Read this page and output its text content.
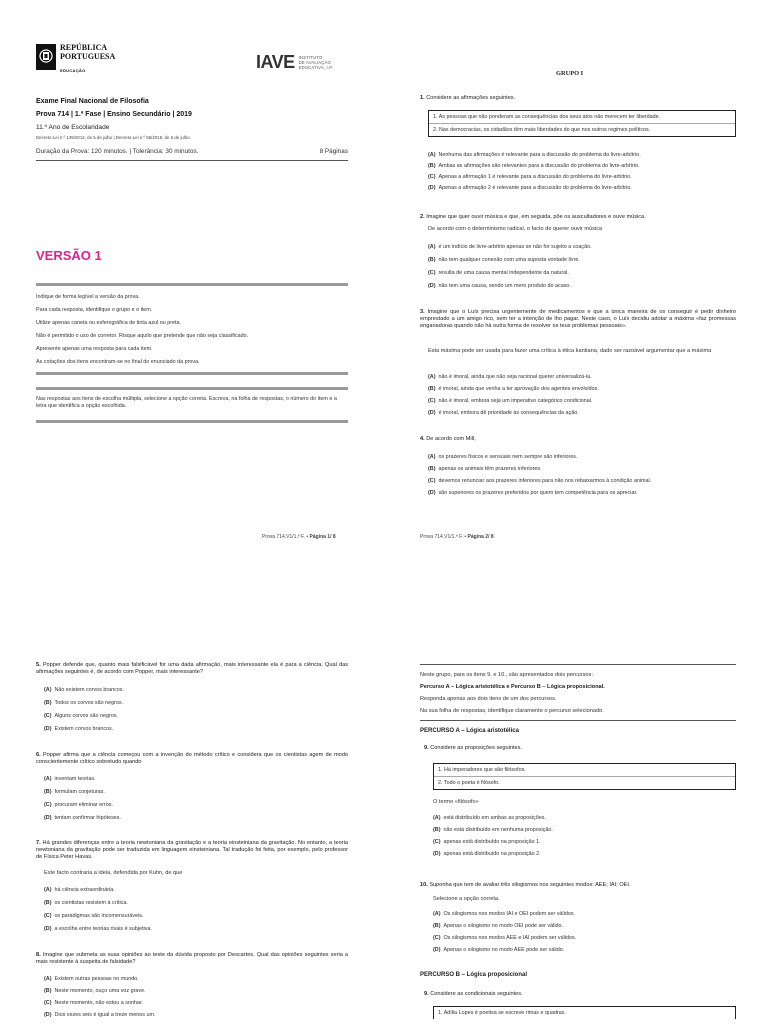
REPÚBLICA
PORTUGUESA
EDUCAÇÃO	IAVE INSTITUTO
DE AVALIAÇÃO
EDUCATIVA, I.P.
Exame Final Nacional de Filosofia
Prova 714 | 1.ª Fase | Ensino Secundário | 2019
11.º Ano de Escolaridade
Decreto-Lei n.º 139/2012, de 5 de julho | Decreto-Lei n.º 55/2018, de 6 de julho
Duração da Prova: 120 minutos. | Tolerância: 30 minutos.	8 Páginas
VERSÃO 1
Indique de forma legível a versão da prova.
Para cada resposta, identifique o grupo e o item.
Utilize apenas caneta ou esferográfica de tinta azul ou preta.
Não é permitido o uso de corretor. Risque aquilo que pretende que não seja classificado.
Apresente apenas uma resposta para cada item.
As cotações dos itens encontram-se no final do enunciado da prova.
Nas respostas aos itens de escolha múltipla, selecione a opção correta. Escreva, na folha de respostas, o número do item e a letra que identifica a opção escolhida.
Prova 714.V1/1.ª F. • Página 1/ 8
GRUPO I
1. Considere as afirmações seguintes.
1. As pessoas que não ponderam as consequências dos seus atos não merecem ter liberdade.
2. Nas democracias, os cidadãos têm mais liberdades do que nos outros regimes políticos.
(A) Nenhuma das afirmações é relevante para a discussão do problema do livre-arbítrio.
(B) Ambas as afirmações são relevantes para a discussão do problema do livre-arbítrio.
(C) Apenas a afirmação 1 é relevante para a discussão do problema do livre-arbítrio.
(D) Apenas a afirmação 2 é relevante para a discussão do problema do livre-arbítrio.
2. Imagine que quer ouvir música e que, em seguida, põe os auscultadores e ouve música.
De acordo com o determinismo radical, o facto de querer ouvir música
(A) é um indício de livre-arbítrio apenas se não for sujeito a coação.
(B) não tem qualquer conexão com uma suposta vontade livre.
(C) resulta de uma causa mental independente da natural.
(D) não tem uma causa, sendo um mero produto do acaso.
3. Imagine que o Luís precisa urgentemente de medicamentos e que a única maneira de os conseguir é pedir dinheiro emprestado a um amigo rico, sem ter a intenção de lho pagar. Neste caso, o Luís decidiu adotar a máxima «faz promessas enganadoras quando não há outra forma de resolver os teus problemas pessoais».
Esta máxima pode ser usada para fazer uma crítica à ética kantiana, dado ser razoável argumentar que a máxima
(A) não é imoral, ainda que não seja racional querer universalizá-la.
(B) é imoral, ainda que venha a ter aprovação dos agentes envolvidos.
(C) não é imoral, embora seja um imperativo categórico condicional.
(D) é imoral, embora dê prioridade às consequências da ação.
4. De acordo com Mill,
(A) os prazeres físicos e sensuais nem sempre são inferiores.
(B) apenas os animais têm prazeres inferiores.
(C) devemos renunciar aos prazeres inferiores para não nos rebaixarmos à condição animal.
(D) são superiores os prazeres preferidos por quem tem competência para os apreciar.
Prova 714.V1/1.ª F. • Página 2/ 8
5. Popper defende que, quanto mais falsificável for uma dada afirmação, mais interessante ela é para a ciência. Qual das afirmações seguintes é, de acordo com Popper, mais interessante?
(A) Não existem corvos brancos.
(B) Todos os corvos são negros.
(C) Alguns corvos são negros.
(D) Existem corvos brancos.
6. Popper afirma que a ciência começou com a invenção do método crítico e considera que os cientistas agem de modo conscientemente crítico sobretudo quando
(A) inventam teorias.
(B) formulam conjeturas.
(C) procuram eliminar erros.
(D) tentam confirmar hipóteses.
7. Há grandes diferenças entre a teoria newtoniana da gravitação e a teoria einsteiniana da gravitação. No entanto, a teoria newtoniana da gravitação pode ser traduzida em linguagem einsteiniana. Tal tradução foi feita, por exemplo, pelo professor de Física Peter Havas.
Este facto contraria a ideia, defendida por Kuhn, de que
(A) há ciência extraordinária.
(B) os cientistas resistem à crítica.
(C) os paradigmas são incomensuráveis.
(D) a escolha entre teorias rivais é subjetiva.
8. Imagine que submeta as suas opiniões ao teste da dúvida proposto por Descartes. Qual das opiniões seguintes seria a mais resistente à suspeita de falsidade?
(A) Existem outras pessoas no mundo.
(B) Neste momento, ouço uma voz grave.
(C) Neste momento, não estou a sonhar.
(D) Dois vezes seis é igual a treze menos um.
Neste grupo, para os itens 9. e 10., são apresentados dois percursos:
Percurso A – Lógica aristotélica e Percurso B – Lógica proposicional.
Responda apenas aos dois itens de um dos percursos.
Na sua folha de respostas, identifique claramente o percurso selecionado.
PERCURSO A – Lógica aristotélica
9. Considere as proposições seguintes.
1. Há imperadores que são filósofos.
2. Todo o poeta é filósofo.
O termo «filósofo»
(A) está distribuído em ambas as proposições.
(B) não está distribuído em nenhuma proposição.
(C) apenas está distribuído na proposição 1.
(D) apenas está distribuído na proposição 2.
10. Suponha que tem de avaliar três silogismos nos seguintes modos: AEE; IAI; OEI.
Selecione a opção correta.
(A) Os silogismos nos modos IAI e OEI podem ser válidos.
(B) Apenas o silogismo no modo OEI pode ser válido.
(C) Os silogismos nos modos AEE e IAI podem ser válidos.
(D) Apenas o silogismo no modo AEE pode ser válido.
PERCURSO B – Lógica proposicional
9. Considere as condicionais seguintes.
1. Adília Lopes é poetisa se escreve rimas e quadras.
